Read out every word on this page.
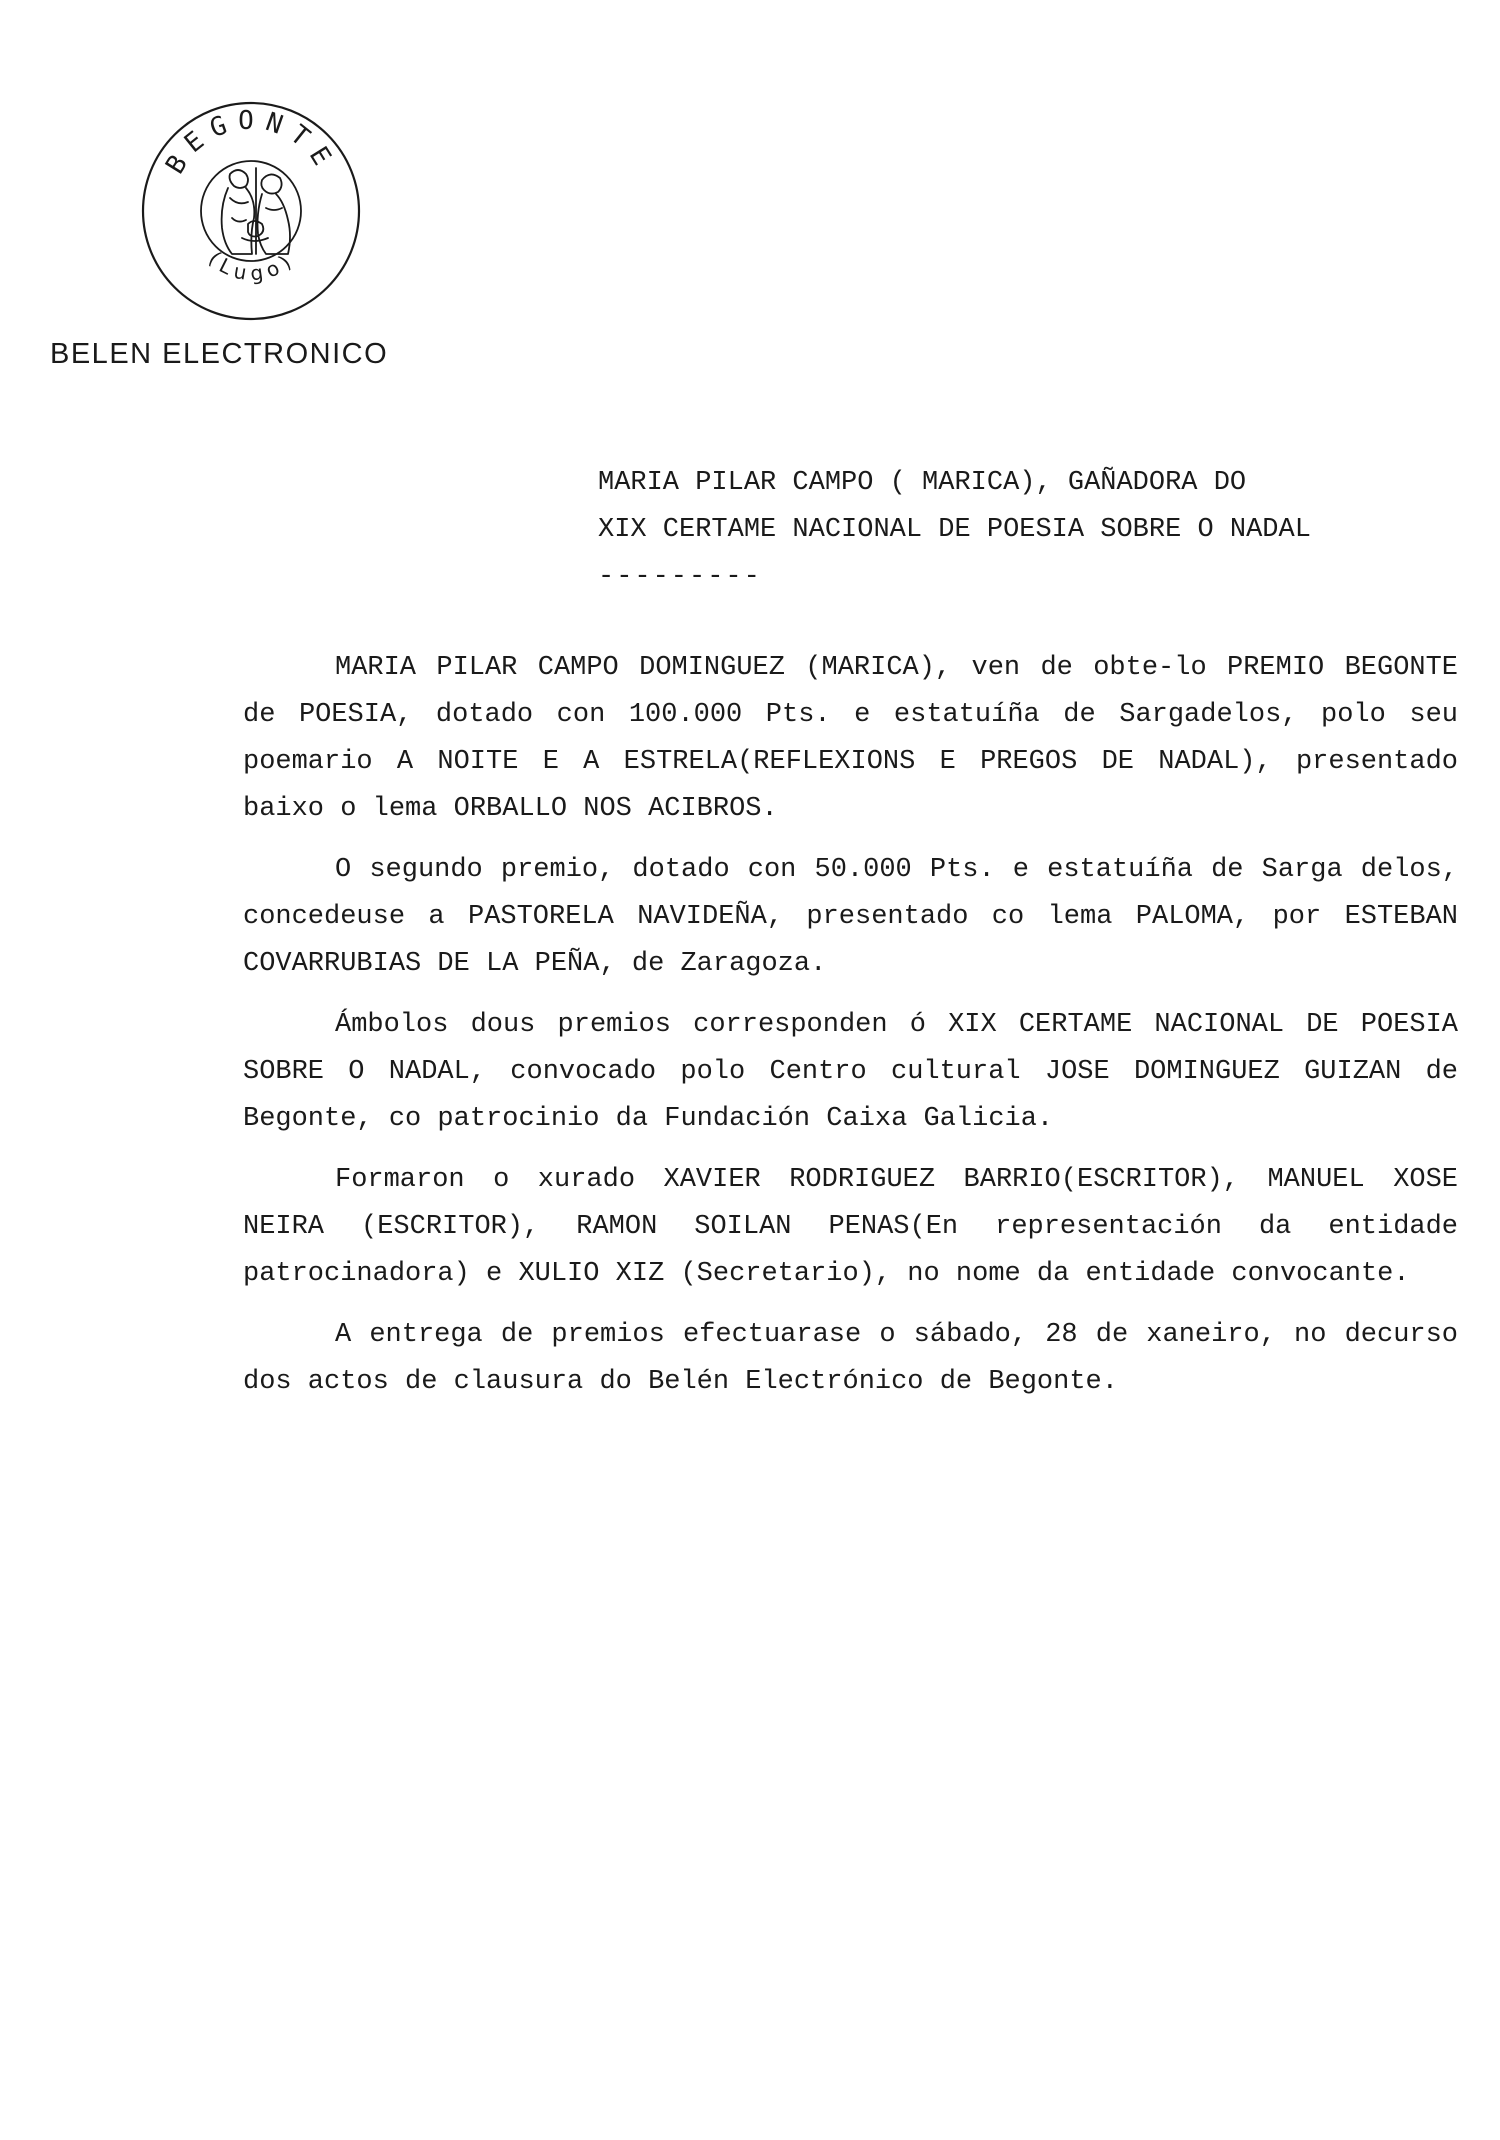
BEGONTE
(Lugo)
BELEN ELECTRONICO
MARIA PILAR CAMPO ( MARICA), GAÑADORA DO
XIX CERTAME NACIONAL DE POESIA SOBRE O NADAL
---------

MARIA PILAR CAMPO DOMINGUEZ (MARICA), ven de obte-lo PREMIO BEGONTE de POESIA, dotado con 100.000 Pts. e estatuíña de Sargadelos, polo seu poemario A NOITE E A ESTRELA(REFLEXIONS E PREGOS DE NADAL), presentado baixo o lema ORBALLO NOS ACIBROS.

O segundo premio, dotado con 50.000 Pts. e estatuíña de Sarga delos, concedeuse a PASTORELA NAVIDEÑA, presentado co lema PALOMA, por ESTEBAN COVARRUBIAS DE LA PEÑA, de Zaragoza.

Ámbolos dous premios corresponden ó XIX CERTAME NACIONAL DE POESIA SOBRE O NADAL, convocado polo Centro cultural JOSE DOMINGUEZ GUIZAN de Begonte, co patrocinio da Fundación Caixa Galicia.

Formaron o xurado XAVIER RODRIGUEZ BARRIO(ESCRITOR), MANUEL XOSE NEIRA (ESCRITOR), RAMON SOILAN PENAS(En representación da entidade patrocinadora) e XULIO XIZ (Secretario), no nome da entidade convocante.

A entrega de premios efectuarase o sábado, 28 de xaneiro, no decurso dos actos de clausura do Belén Electrónico de Begonte.
